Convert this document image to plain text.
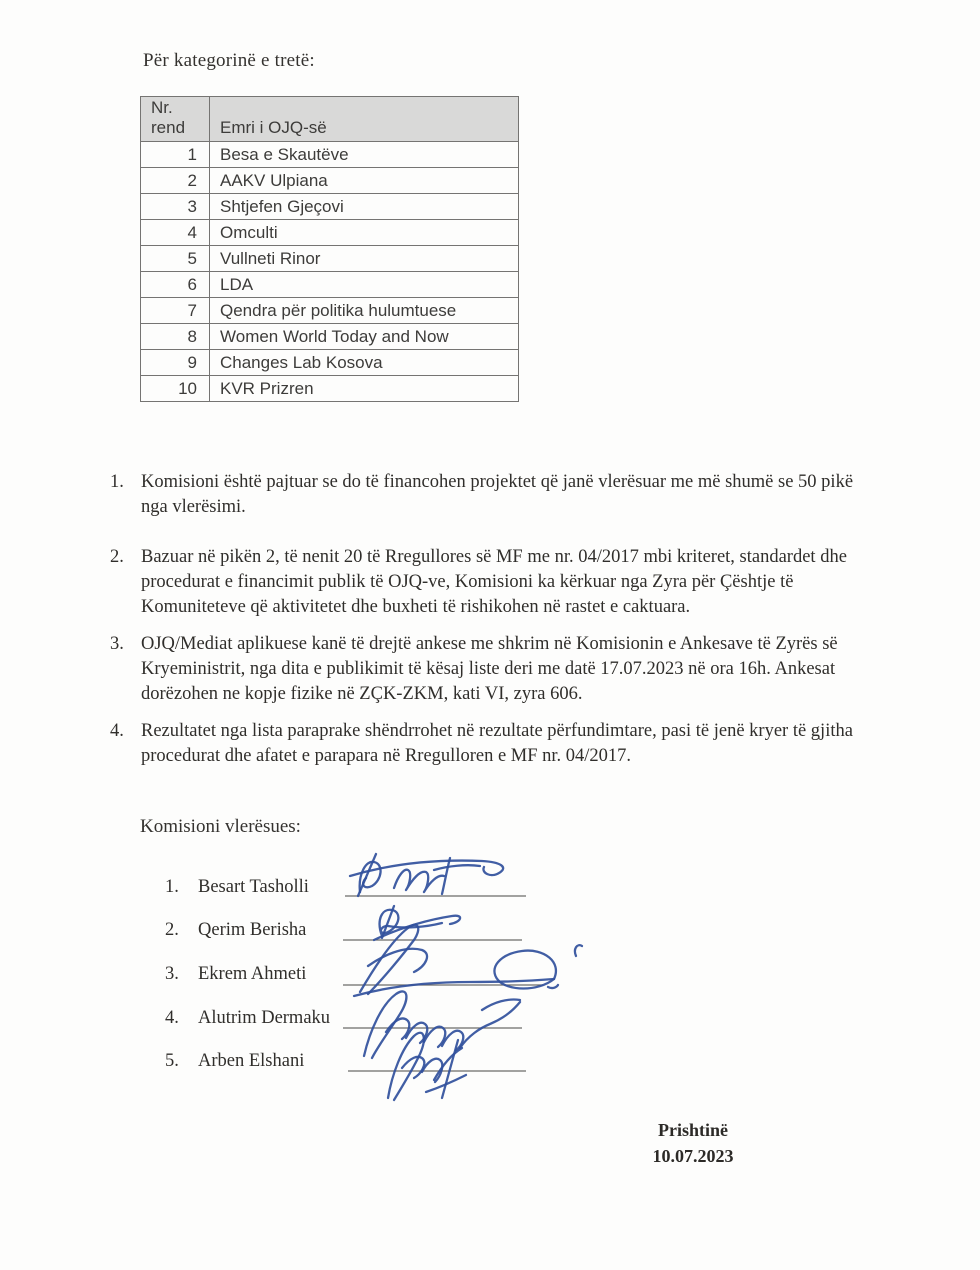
Për kategorinë e tretë:
Nr.
rend	Emri i OJQ-së
1	Besa e Skautëve
2	AAKV Ulpiana
3	Shtjefen Gjeçovi
4	Omculti
5	Vullneti Rinor
6	LDA
7	Qendra për politika hulumtuese
8	Women World Today and Now
9	Changes Lab Kosova
10	KVR Prizren
1. Komisioni është pajtuar se do të financohen projektet që janë vlerësuar me më shumë se 50 pikë nga vlerësimi.
2. Bazuar në pikën 2, të nenit 20 të Rregullores së MF me nr. 04/2017 mbi kriteret, standardet dhe procedurat e financimit publik të OJQ-ve, Komisioni ka kërkuar nga Zyra për Çështje të Komuniteteve që aktivitetet dhe buxheti të rishikohen në rastet e caktuara.
3. OJQ/Mediat aplikuese kanë të drejtë ankese me shkrim në Komisionin e Ankesave të Zyrës së Kryeministrit, nga dita e publikimit të kësaj liste deri me datë 17.07.2023 në ora 16h. Ankesat dorëzohen ne kopje fizike në ZÇK-ZKM, kati VI, zyra 606.
4. Rezultatet nga lista paraprake shëndrrohet në rezultate përfundimtare, pasi të jenë kryer të gjitha procedurat dhe afatet e parapara në Rregulloren e MF nr. 04/2017.
Komisioni vlerësues:
1. Besart Tasholli
2. Qerim Berisha
3. Ekrem Ahmeti
4. Alutrim Dermaku
5. Arben Elshani
Prishtinë
10.07.2023
